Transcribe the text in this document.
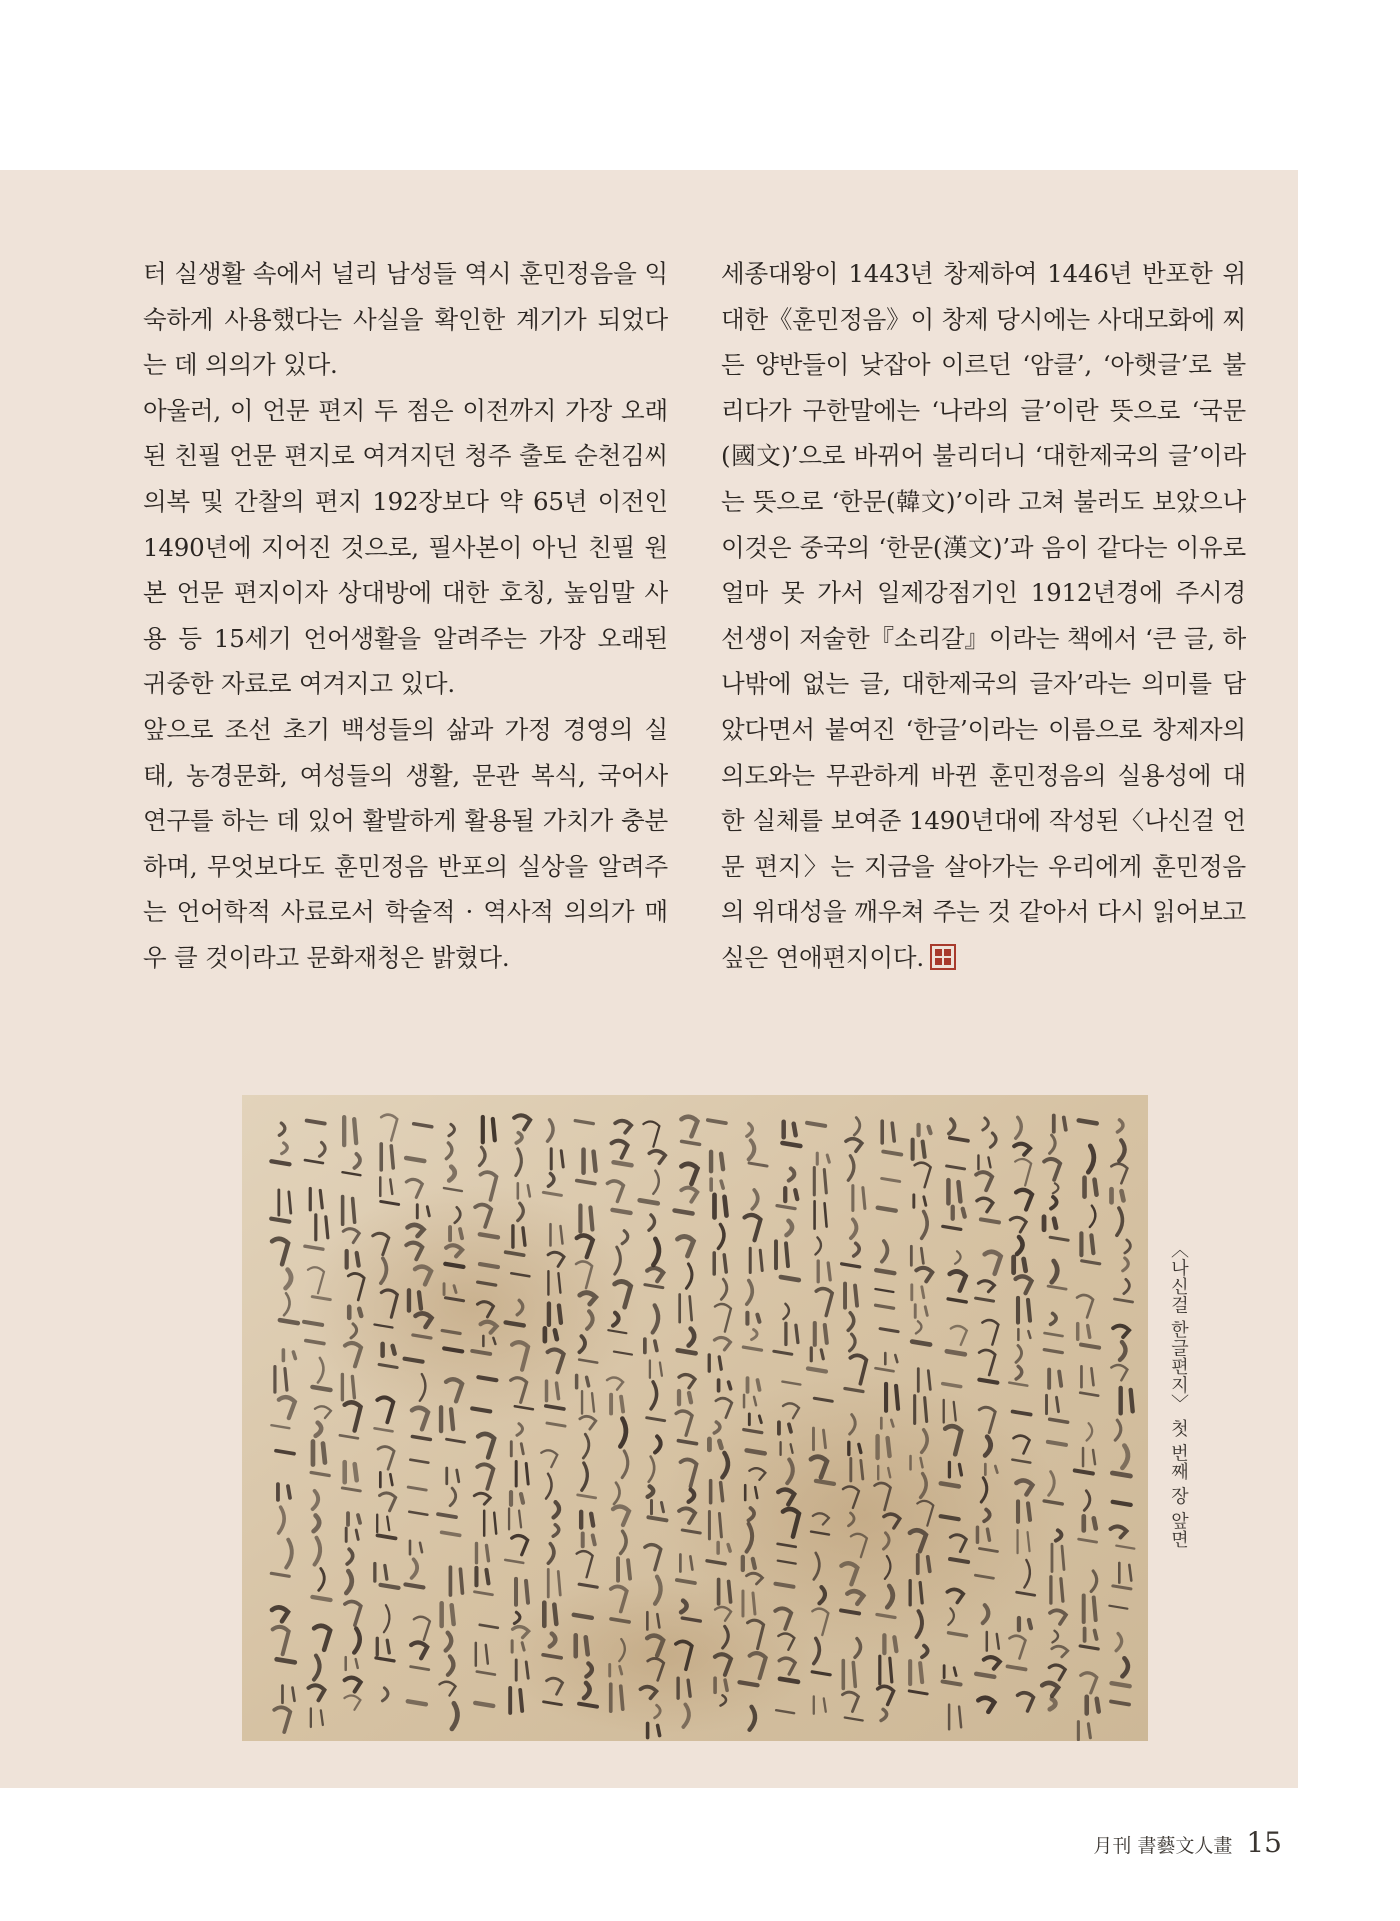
터 실생활 속에서 널리 남성들 역시 훈민정음을 익숙하게 사용했다는 사실을 확인한 계기가 되었다는 데 의의가 있다.

아울러, 이 언문 편지 두 점은 이전까지 가장 오래된 친필 언문 편지로 여겨지던 청주 출토 순천김씨 의복 및 간찰의 편지 192장보다 약 65년 이전인 1490년에 지어진 것으로, 필사본이 아닌 친필 원본 언문 편지이자 상대방에 대한 호칭, 높임말 사용 등 15세기 언어생활을 알려주는 가장 오래된 귀중한 자료로 여겨지고 있다.

앞으로 조선 초기 백성들의 삶과 가정 경영의 실태, 농경문화, 여성들의 생활, 문관 복식, 국어사 연구를 하는 데 있어 활발하게 활용될 가치가 충분하며, 무엇보다도 훈민정음 반포의 실상을 알려주는 언어학적 사료로서 학술적 · 역사적 의의가 매우 클 것이라고 문화재청은 밝혔다.

세종대왕이 1443년 창제하여 1446년 반포한 위대한《훈민정음》이 창제 당시에는 사대모화에 찌든 양반들이 낮잡아 이르던 ‘암클’, ‘아햇글’로 불리다가 구한말에는 ‘나라의 글’이란 뜻으로 ‘국문(國文)’으로 바뀌어 불리더니 ‘대한제국의 글’이라는 뜻으로 ‘한문(韓文)’이라 고쳐 불러도 보았으나 이것은 중국의 ‘한문(漢文)’과 음이 같다는 이유로 얼마 못 가서 일제강점기인 1912년경에 주시경 선생이 저술한『소리갈』이라는 책에서 ‘큰 글, 하나밖에 없는 글, 대한제국의 글자’라는 의미를 담았다면서 붙여진 ‘한글’이라는 이름으로 창제자의 의도와는 무관하게 바뀐 훈민정음의 실용성에 대한 실체를 보여준 1490년대에 작성된〈나신걸 언문 편지〉는 지금을 살아가는 우리에게 훈민정음의 위대성을 깨우쳐 주는 것 같아서 다시 읽어보고 싶은 연애편지이다.

〈나신걸 한글편지〉 첫 번째 장 앞면
月刊 書藝文人畫 15
